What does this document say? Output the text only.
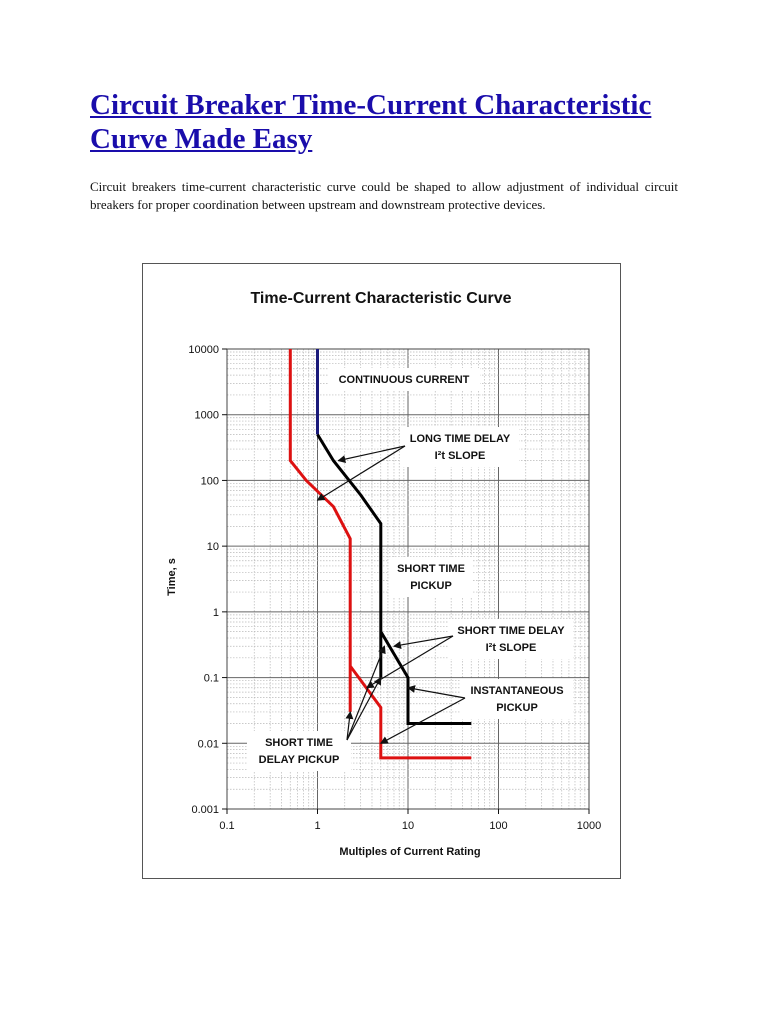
Circuit Breaker Time-Current Characteristic Curve Made Easy

Circuit breakers time-current characteristic curve could be shaped to allow adjustment of individual circuit breakers for proper coordination between upstream and downstream protective devices.

Time-Current Characteristic Curve
0.1	1	10	100	1000
10000
1000
100
10
1
0.1
0.01
0.001
CONTINUOUS CURRENT
LONG TIME DELAY
I²t SLOPE
SHORT TIME
PICKUP
SHORT TIME DELAY
I²t SLOPE
INSTANTANEOUS
PICKUP
SHORT TIME
DELAY PICKUP
Multiples of Current Rating
Time, s
